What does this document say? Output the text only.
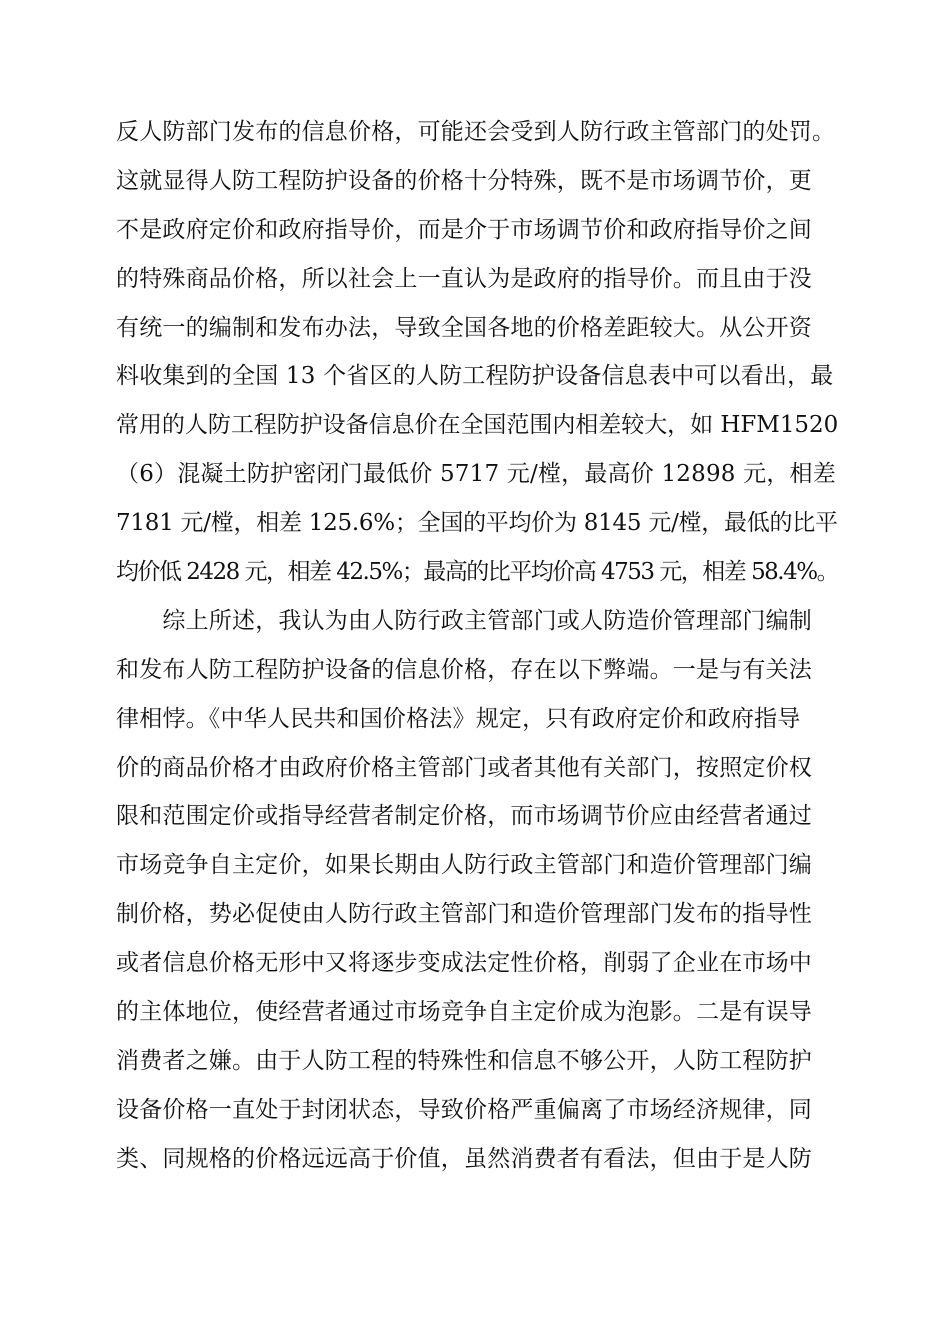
反人防部门发布的信息价格，可能还会受到人防行政主管部门的处罚。
这就显得人防工程防护设备的价格十分特殊，既不是市场调节价，更
不是政府定价和政府指导价，而是介于市场调节价和政府指导价之间
的特殊商品价格，所以社会上一直认为是政府的指导价。而且由于没
有统一的编制和发布办法，导致全国各地的价格差距较大。从公开资
料收集到的全国 13 个省区的人防工程防护设备信息表中可以看出，最
常用的人防工程防护设备信息价在全国范围内相差较大，如 HFM1520
（6）混凝土防护密闭门最低价 5717 元/樘，最高价 12898 元，相差
7181 元/樘，相差 125.6%；全国的平均价为 8145 元/樘，最低的比平
均价低 2428 元，相差 42.5%；最高的比平均价高 4753 元，相差 58.4%。
　　综上所述，我认为由人防行政主管部门或人防造价管理部门编制
和发布人防工程防护设备的信息价格，存在以下弊端。一是与有关法
律相悖。《中华人民共和国价格法》规定，只有政府定价和政府指导
价的商品价格才由政府价格主管部门或者其他有关部门，按照定价权
限和范围定价或指导经营者制定价格，而市场调节价应由经营者通过
市场竞争自主定价，如果长期由人防行政主管部门和造价管理部门编
制价格，势必促使由人防行政主管部门和造价管理部门发布的指导性
或者信息价格无形中又将逐步变成法定性价格，削弱了企业在市场中
的主体地位，使经营者通过市场竞争自主定价成为泡影。二是有误导
消费者之嫌。由于人防工程的特殊性和信息不够公开，人防工程防护
设备价格一直处于封闭状态，导致价格严重偏离了市场经济规律，同
类、同规格的价格远远高于价值，虽然消费者有看法，但由于是人防
